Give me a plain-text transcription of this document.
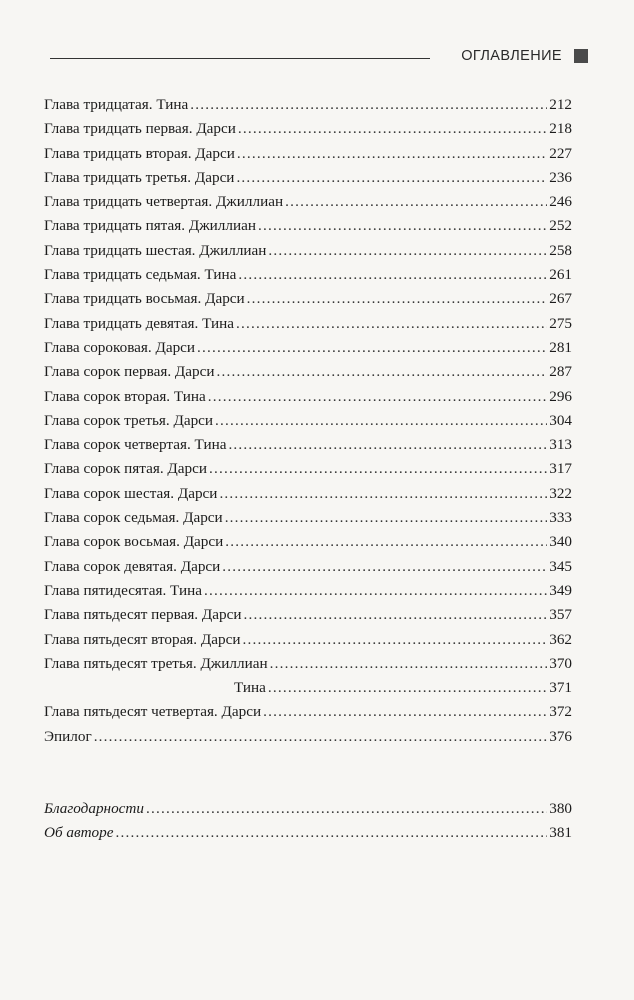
ОГЛАВЛЕНИЕ
Глава тридцатая. Тина .....	212
Глава тридцать первая. Дарси .....	218
Глава тридцать вторая. Дарси .....	227
Глава тридцать третья. Дарси .....	236
Глава тридцать четвертая. Джиллиан .....	246
Глава тридцать пятая. Джиллиан .....	252
Глава тридцать шестая. Джиллиан .....	258
Глава тридцать седьмая. Тина .....	261
Глава тридцать восьмая. Дарси .....	267
Глава тридцать девятая. Тина .....	275
Глава сороковая. Дарси .....	281
Глава сорок первая. Дарси .....	287
Глава сорок вторая. Тина .....	296
Глава сорок третья. Дарси .....	304
Глава сорок четвертая. Тина .....	313
Глава сорок пятая. Дарси .....	317
Глава сорок шестая. Дарси .....	322
Глава сорок седьмая. Дарси .....	333
Глава сорок восьмая. Дарси .....	340
Глава сорок девятая. Дарси .....	345
Глава пятидесятая. Тина .....	349
Глава пятьдесят первая. Дарси .....	357
Глава пятьдесят вторая. Дарси .....	362
Глава пятьдесят третья. Джиллиан .....	370
Тина .....	371
Глава пятьдесят четвертая. Дарси .....	372
Эпилог .....	376
Благодарности .....	380
Об авторе .....	381
